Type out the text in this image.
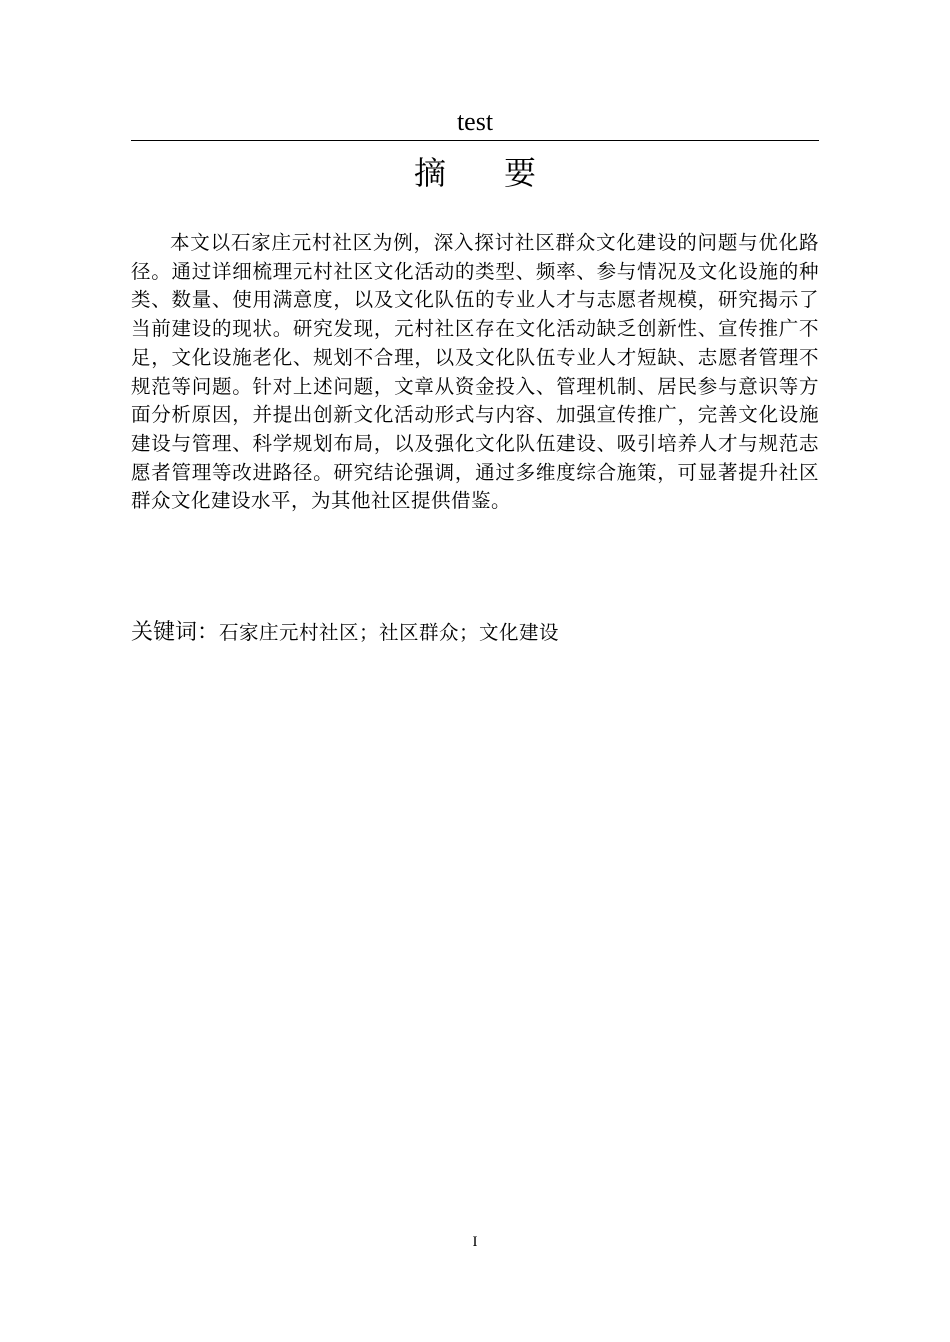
test
摘 要

本文以石家庄元村社区为例，深入探讨社区群众文化建设的问题与优化路径。通过详细梳理元村社区文化活动的类型、频率、参与情况及文化设施的种类、数量、使用满意度，以及文化队伍的专业人才与志愿者规模，研究揭示了当前建设的现状。研究发现，元村社区存在文化活动缺乏创新性、宣传推广不足，文化设施老化、规划不合理，以及文化队伍专业人才短缺、志愿者管理不规范等问题。针对上述问题，文章从资金投入、管理机制、居民参与意识等方面分析原因，并提出创新文化活动形式与内容、加强宣传推广，完善文化设施建设与管理、科学规划布局，以及强化文化队伍建设、吸引培养人才与规范志愿者管理等改进路径。研究结论强调，通过多维度综合施策，可显著提升社区群众文化建设水平，为其他社区提供借鉴。

关键词：石家庄元村社区；社区群众；文化建设
I
